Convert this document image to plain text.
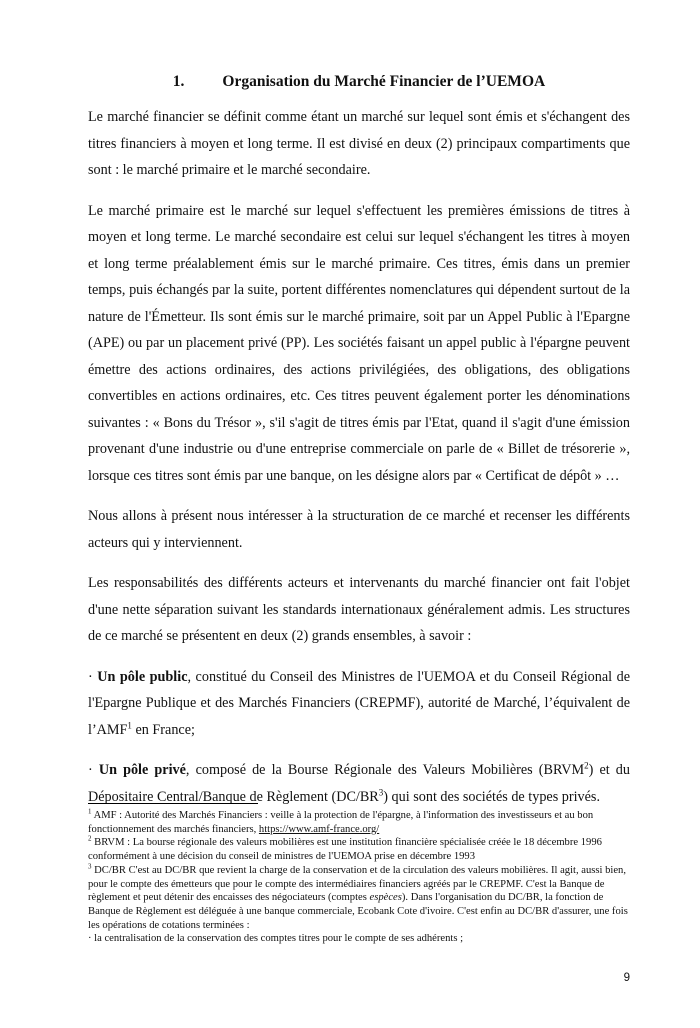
1. Organisation du Marché Financier de l’UEMOA

Le marché financier se définit comme étant un marché sur lequel sont émis et s'échangent des titres financiers à moyen et long terme. Il est divisé en deux (2) principaux compartiments que sont : le marché primaire et le marché secondaire.

Le marché primaire est le marché sur lequel s'effectuent les premières émissions de titres à moyen et long terme. Le marché secondaire est celui sur lequel s'échangent les titres à moyen et long terme préalablement émis sur le marché primaire. Ces titres, émis dans un premier temps, puis échangés par la suite, portent différentes nomenclatures qui dépendent surtout de la nature de l'Émetteur. Ils sont émis sur le marché primaire, soit par un Appel Public à l'Epargne (APE) ou par un placement privé (PP). Les sociétés faisant un appel public à l'épargne peuvent émettre des actions ordinaires, des actions privilégiées, des obligations, des obligations convertibles en actions ordinaires, etc. Ces titres peuvent également porter les dénominations suivantes : « Bons du Trésor », s'il s'agit de titres émis par l'Etat, quand il s'agit d'une émission provenant d'une industrie ou d'une entreprise commerciale on parle de « Billet de trésorerie », lorsque ces titres sont émis par une banque, on les désigne alors par « Certificat de dépôt » …

Nous allons à présent nous intéresser à la structuration de ce marché et recenser les différents acteurs qui y interviennent.

Les responsabilités des différents acteurs et intervenants du marché financier ont fait l'objet d'une nette séparation suivant les standards internationaux généralement admis. Les structures de ce marché se présentent en deux (2) grands ensembles, à savoir :

· Un pôle public, constitué du Conseil des Ministres de l'UEMOA et du Conseil Régional de l'Epargne Publique et des Marchés Financiers (CREPMF), autorité de Marché, l’équivalent de l’AMF$^1$ en France;

· Un pôle privé, composé de la Bourse Régionale des Valeurs Mobilières (BRVM$^2$) et du Dépositaire Central/Banque de Règlement $(DC/BR^3)$ qui sont des sociétés de types privés.

$^1$ AMF : Autorité des Marchés Financiers : veille à la protection de l'épargne, à l'information des investisseurs et au bon fonctionnement des marchés financiers, https://www.amf-france.org/

$^2$ BRVM : La bourse régionale des valeurs mobilières est une institution financière spécialisée créée le 18 décembre 1996 conformément à une décision du conseil de ministres de l'UEMOA prise en décembre 1993

$^3$ DC/BR C'est au DC/BR que revient la charge de la conservation et de la circulation des valeurs mobilières. Il agit, aussi bien, pour le compte des émetteurs que pour le compte des intermédiaires financiers agréés par le CREPMF. C'est la Banque de règlement et peut détenir des encaisses des négociateurs (comptes espèces). Dans l'organisation du DC/BR, la fonction de Banque de Règlement est déléguée à une banque commerciale, Ecobank Cote d'ivoire. C'est enfin au DC/BR d'assurer, une fois les opérations de cotations terminées :

· la centralisation de la conservation des comptes titres pour le compte de ses adhérents ;

9
